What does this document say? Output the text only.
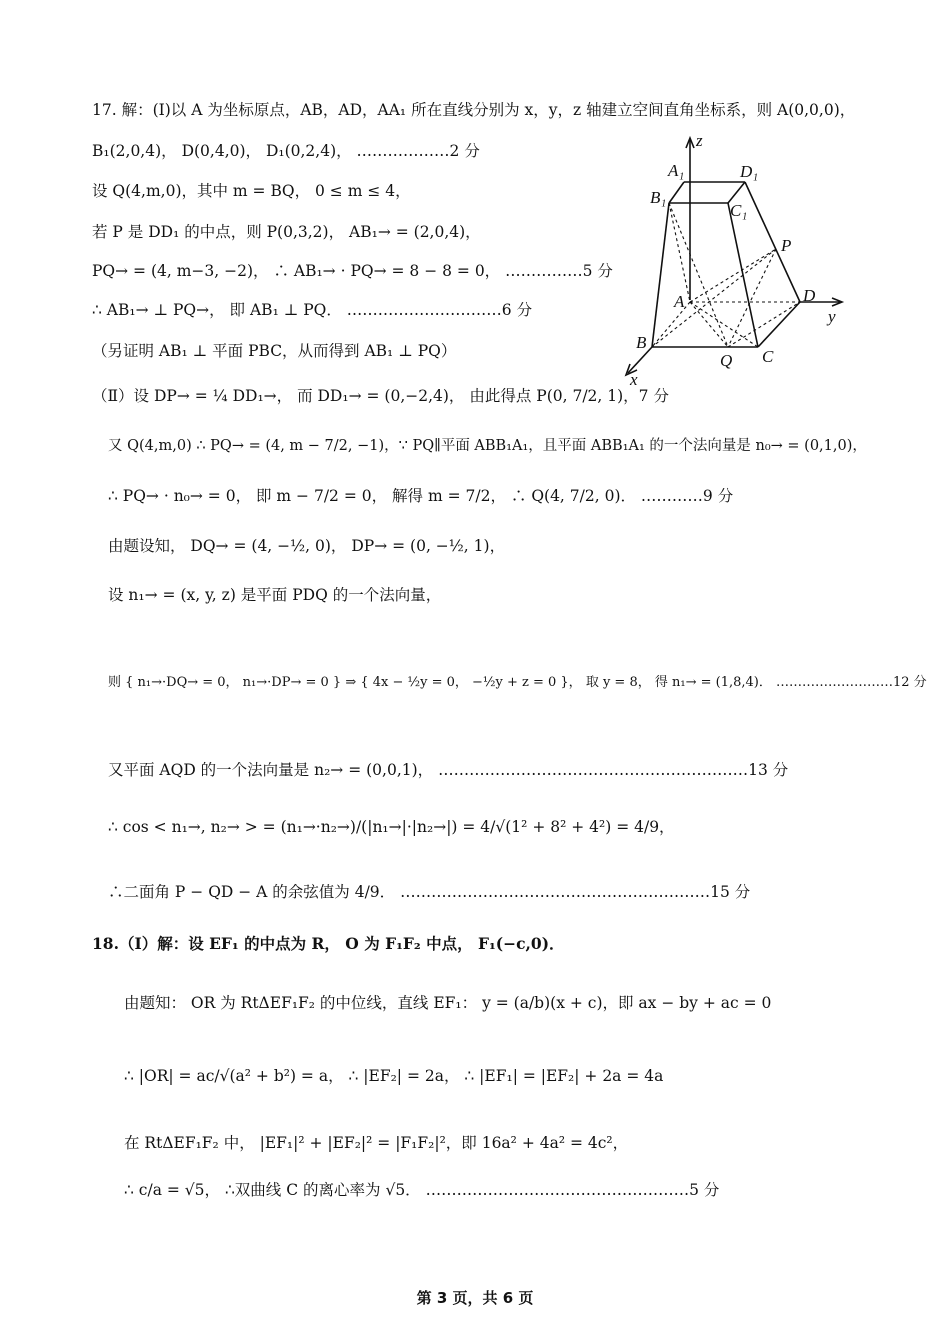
17. 解：(Ⅰ)以 A 为坐标原点，AB，AD，AA₁ 所在直线分别为 x，y，z 轴建立空间直角坐标系，则 A(0,0,0)，
B₁(2,0,4)， D(0,4,0)， D₁(0,2,4)， ………………2 分
设 Q(4,m,0)，其中 m = BQ， 0 ≤ m ≤ 4，
若 P 是 DD₁ 的中点，则 P(0,3,2)， AB₁→ = (2,0,4)，
PQ→ = (4, m−3, −2)， ∴ AB₁→ · PQ→ = 8 − 8 = 0， ……………5 分
∴ AB₁→ ⊥ PQ→， 即 AB₁ ⊥ PQ． …………………………6 分
（另证明 AB₁ ⊥ 平面 PBC，从而得到 AB₁ ⊥ PQ）
（Ⅱ）设 DP→ = ¼ DD₁→， 而 DD₁→ = (0,−2,4)， 由此得点 P(0, 7/2, 1)，7 分
又 Q(4,m,0) ∴ PQ→ = (4, m − 7/2, −1)，∵ PQ∥平面 ABB₁A₁，且平面 ABB₁A₁ 的一个法向量是 n₀→ = (0,1,0)，
∴ PQ→ · n₀→ = 0， 即 m − 7/2 = 0， 解得 m = 7/2， ∴ Q(4, 7/2, 0)． …………9 分
由题设知， DQ→ = (4, −½, 0)， DP→ = (0, −½, 1)，
设 n₁→ = (x, y, z) 是平面 PDQ 的一个法向量，
则 { n₁→·DQ→ = 0， n₁→·DP→ = 0 } ⇒ { 4x − ½y = 0， −½y + z = 0 }， 取 y = 8， 得 n₁→ = (1,8,4)． ………………………12 分
又平面 AQD 的一个法向量是 n₂→ = (0,0,1)， ……………………………………………………13 分
∴ cos < n₁→, n₂→ > = (n₁→·n₂→)/(|n₁→|·|n₂→|) = 4/√(1² + 8² + 4²) = 4/9，
∴二面角 P − QD − A 的余弦值为 4/9． ……………………………………………………15 分
18.（Ⅰ）解：设 EF₁ 的中点为 R， O 为 F₁F₂ 中点， F₁(−c,0)．
由题知： OR 为 RtΔEF₁F₂ 的中位线，直线 EF₁： y = (a/b)(x + c)，即 ax − by + ac = 0
∴ |OR| = ac/√(a² + b²) = a， ∴ |EF₂| = 2a， ∴ |EF₁| = |EF₂| + 2a = 4a
在 RtΔEF₁F₂ 中， |EF₁|² + |EF₂|² = |F₁F₂|²，即 16a² + 4a² = 4c²，
∴ c/a = √5， ∴双曲线 C 的离心率为 √5． ……………………………………………5 分
z
A₁	D₁
B₁
C₁
P
A	D
y
B
Q C
x
第 3 页，共 6 页
